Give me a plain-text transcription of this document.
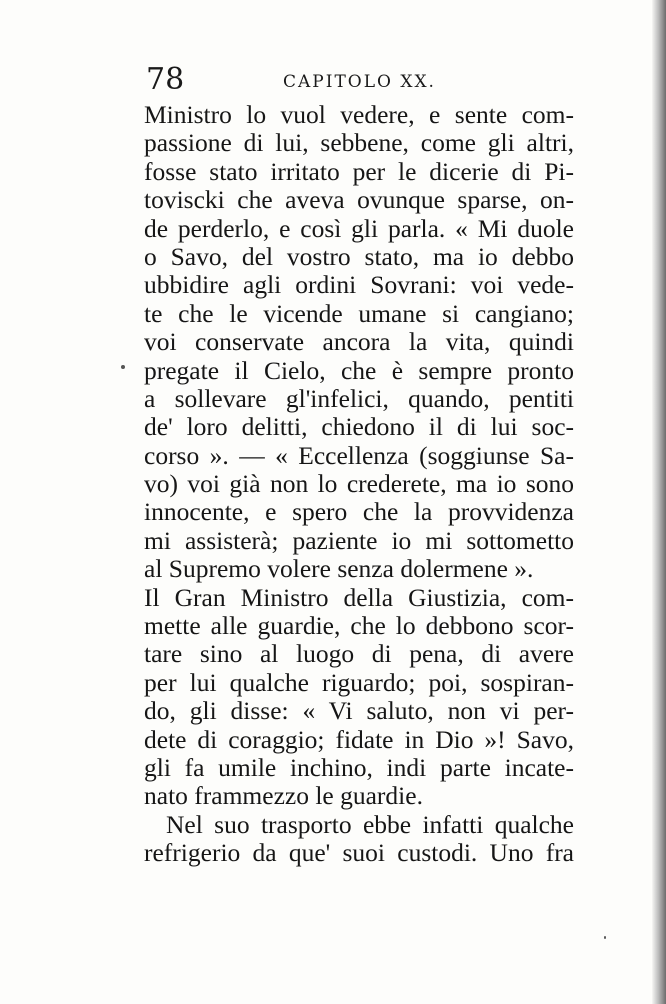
78	CAPITOLO XX.
Ministro lo vuol vedere, e sente com-
passione di lui, sebbene, come gli altri,
fosse stato irritato per le dicerie di Pi-
toviscki che aveva ovunque sparse, on-
de perderlo, e così gli parla. « Mi duole
o Savo, del vostro stato, ma io debbo
ubbidire agli ordini Sovrani: voi vede-
te che le vicende umane si cangiano;
voi conservate ancora la vita, quindi
pregate il Cielo, che è sempre pronto
a sollevare gl'infelici, quando, pentiti
de' loro delitti, chiedono il di lui soc-
corso ». — « Eccellenza (soggiunse Sa-
vo) voi già non lo crederete, ma io sono
innocente, e spero che la provvidenza
mi assisterà; paziente io mi sottometto
al Supremo volere senza dolermene ».
Il Gran Ministro della Giustizia, com-
mette alle guardie, che lo debbono scor-
tare sino al luogo di pena, di avere
per lui qualche riguardo; poi, sospiran-
do, gli disse: « Vi saluto, non vi per-
dete di coraggio; fidate in Dio »! Savo,
gli fa umile inchino, indi parte incate-
nato frammezzo le guardie.
Nel suo trasporto ebbe infatti qualche
refrigerio da que' suoi custodi. Uno fra
